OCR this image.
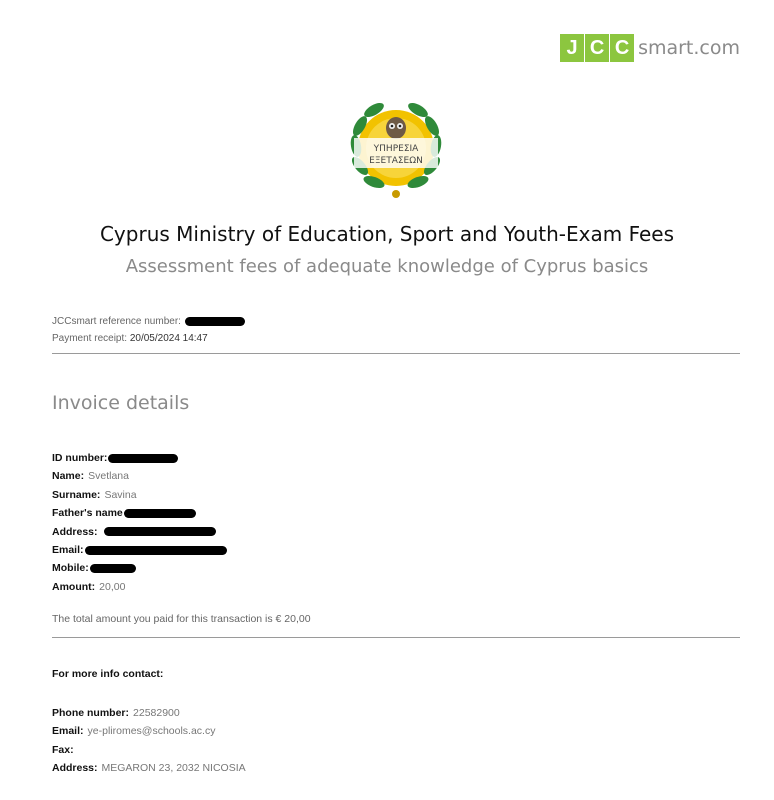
J C C smart.com
ΥΠΗΡΕΣΙΑ
ΕΞΕΤΑΣΕΩΝ
Cyprus Ministry of Education, Sport and Youth-Exam Fees
Assessment fees of adequate knowledge of Cyprus basics
JCCsmart reference number:
Payment receipt: 20/05/2024 14:47
Invoice details
ID number:
Name: Svetlana
Surname: Savina
Father's name
Address:
Email:
Mobile:
Amount: 20,00
The total amount you paid for this transaction is € 20,00
For more info contact:
Phone number: 22582900
Email: ye-pliromes@schools.ac.cy
Fax:
Address: MEGARON 23, 2032 NICOSIA
